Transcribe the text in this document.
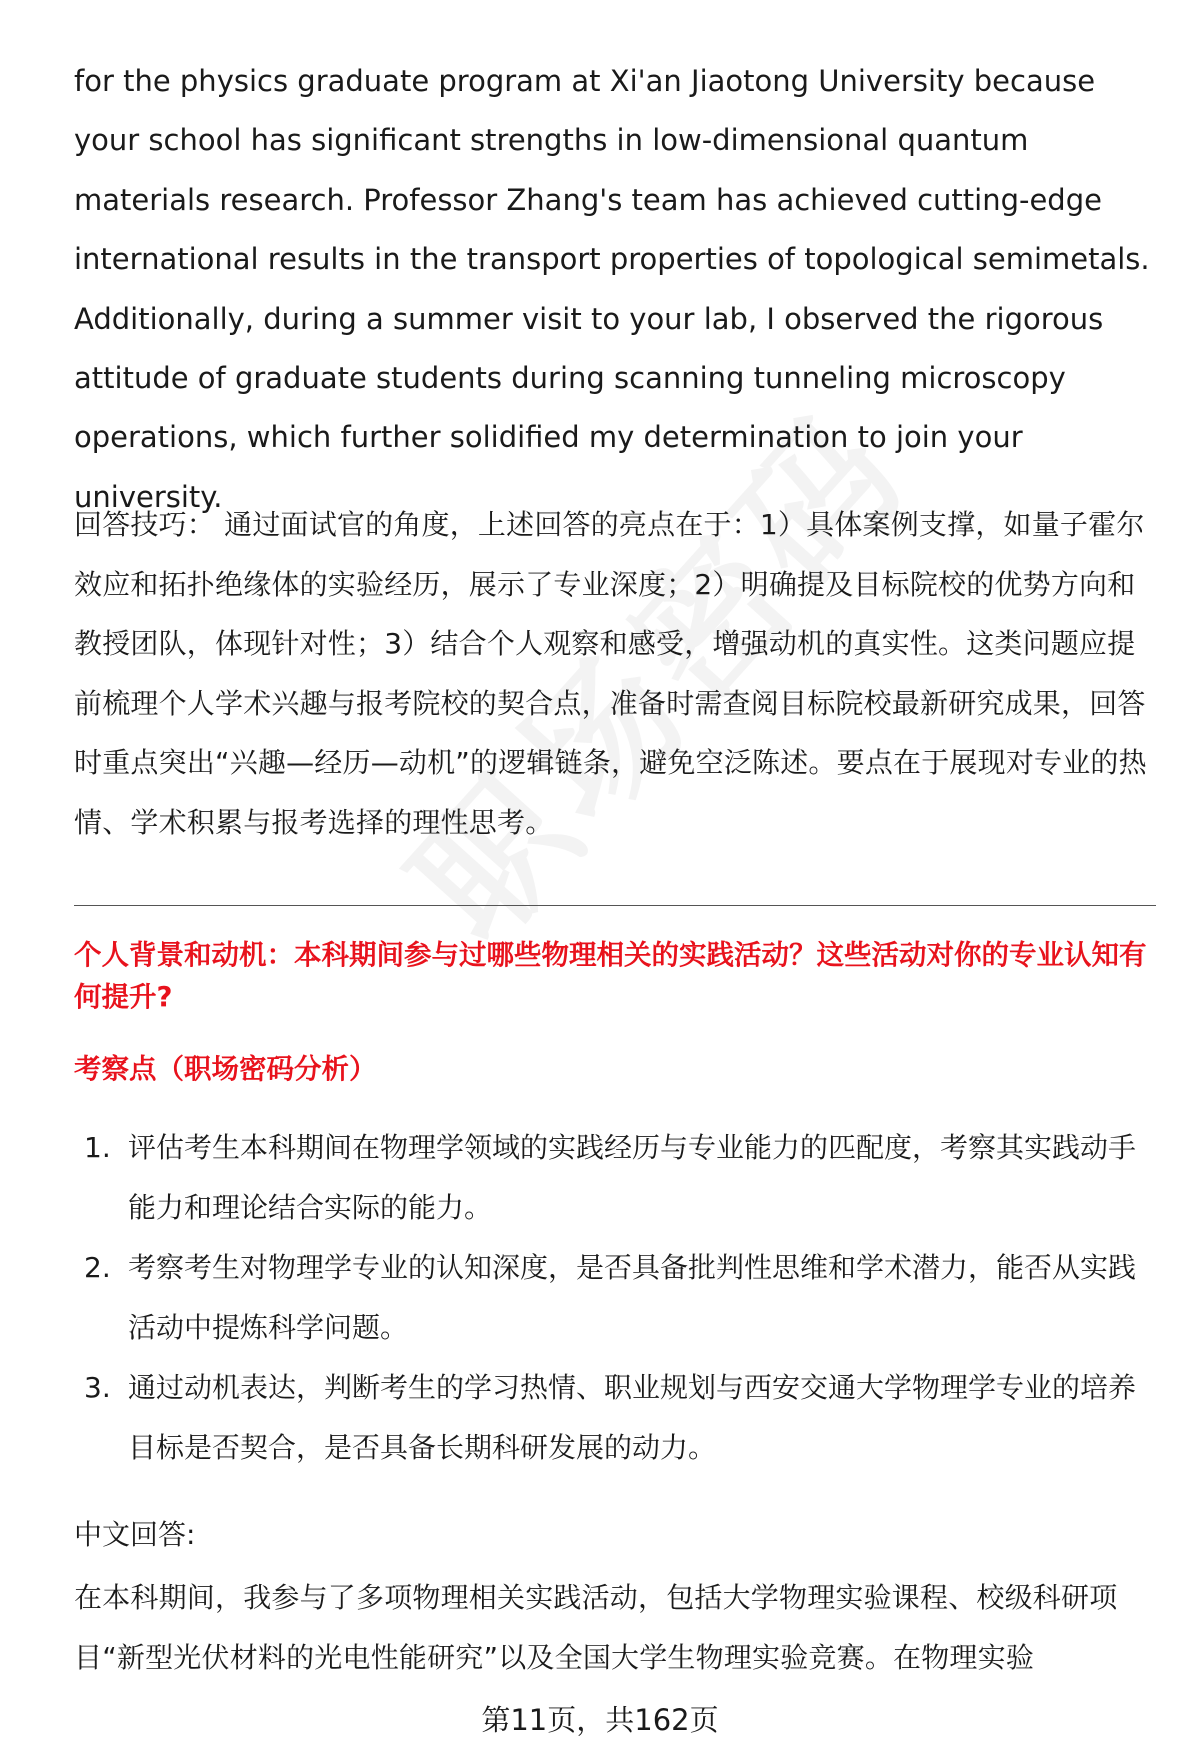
for the physics graduate program at Xi'an Jiaotong University because your school has significant strengths in low-dimensional quantum materials research. Professor Zhang's team has achieved cutting-edge international results in the transport properties of topological semimetals. Additionally, during a summer visit to your lab, I observed the rigorous attitude of graduate students during scanning tunneling microscopy operations, which further solidified my determination to join your university.

回答技巧： 通过面试官的角度，上述回答的亮点在于：1）具体案例支撑，如量子霍尔效应和拓扑绝缘体的实验经历，展示了专业深度；2）明确提及目标院校的优势方向和教授团队，体现针对性；3）结合个人观察和感受，增强动机的真实性。这类问题应提前梳理个人学术兴趣与报考院校的契合点，准备时需查阅目标院校最新研究成果，回答时重点突出“兴趣—经历—动机”的逻辑链条，避免空泛陈述。要点在于展现对专业的热情、学术积累与报考选择的理性思考。

个人背景和动机：本科期间参与过哪些物理相关的实践活动？这些活动对你的专业认知有何提升?
考察点（职场密码分析）
1. 评估考生本科期间在物理学领域的实践经历与专业能力的匹配度，考察其实践动手能力和理论结合实际的能力。
2. 考察考生对物理学专业的认知深度，是否具备批判性思维和学术潜力，能否从实践活动中提炼科学问题。
3. 通过动机表达，判断考生的学习热情、职业规划与西安交通大学物理学专业的培养目标是否契合，是否具备长期科研发展的动力。

中文回答:

在本科期间，我参与了多项物理相关实践活动，包括大学物理实验课程、校级科研项目“新型光伏材料的光电性能研究”以及全国大学生物理实验竞赛。在物理实验

第11页，共162页
